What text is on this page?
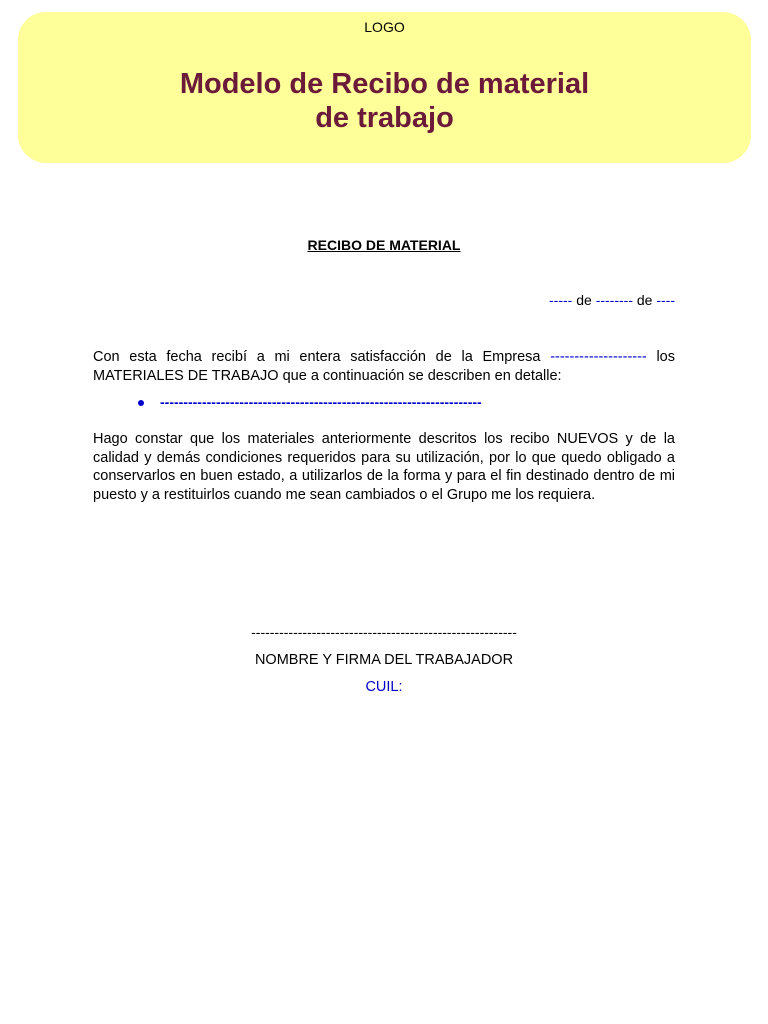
LOGO
Modelo de Recibo de material
de trabajo
RECIBO DE MATERIAL
----- de -------- de ----
Con esta fecha recibí a mi entera satisfacción de la Empresa -------------------- los MATERIALES DE TRABAJO que a continuación se describen en detalle:
---------------------------------------------------------------------
Hago constar que los materiales anteriormente descritos los recibo NUEVOS y de la calidad y demás condiciones requeridos para su utilización, por lo que quedo obligado a conservarlos en buen estado, a utilizarlos de la forma y para el fin destinado dentro de mi puesto y a restituirlos cuando me sean cambiados o el Grupo me los requiera.
---------------------------------------------------------
NOMBRE Y FIRMA DEL TRABAJADOR
CUIL:
